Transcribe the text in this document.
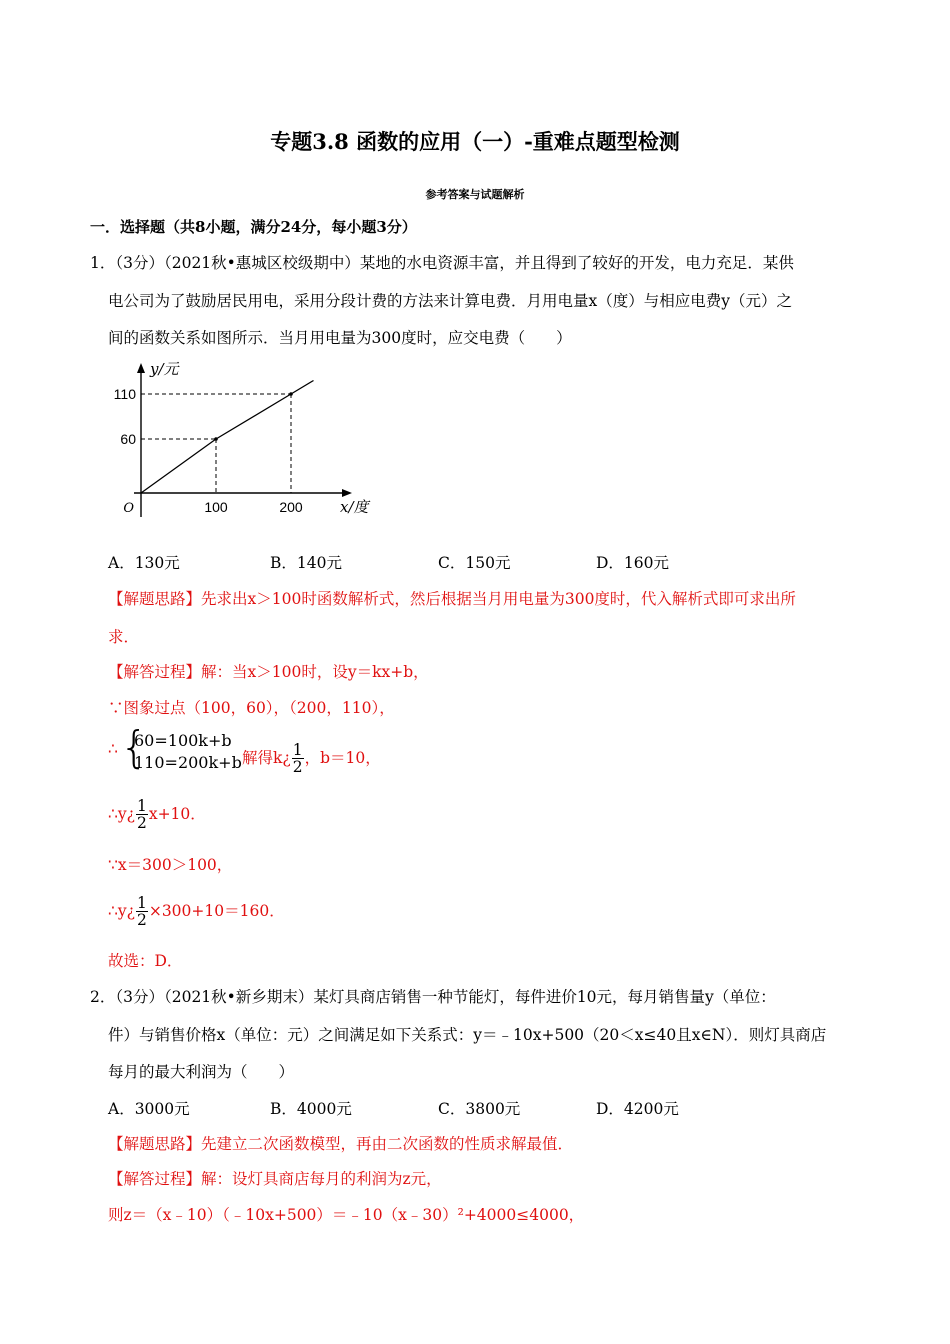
专题3.8 函数的应用（一）-重难点题型检测
参考答案与试题解析
一．选择题（共8小题，满分24分，每小题3分）
1．（3分）（2021秋•惠城区校级期中）某地的水电资源丰富，并且得到了较好的开发，电力充足．某供
电公司为了鼓励居民用电，采用分段计费的方法来计算电费．月用电量x（度）与相应电费y（元）之
间的函数关系如图所示．当月用电量为300度时，应交电费（　　）
60
110
100	200
O
y/元
x/度
A．130元	B．140元	C．150元	D．160元
【解题思路】先求出x＞100时函数解析式，然后根据当月用电量为300度时，代入解析式即可求出所
求．
【解答过程】解：当x＞100时，设y＝kx+b，
∵图象过点（100，60），（200，110），
∴ {
60=100k+b
110=200k+b 解得k¿ $\frac{1}{2}$ ，b＝10，
∴y¿ $\frac{1}{2} x+10$．
∵x＝300＞100，
∴y¿ $\frac{1}{2} \times 300+10=160$．
故选：D．
2．（3分）（2021秋•新乡期末）某灯具商店销售一种节能灯，每件进价10元，每月销售量y（单位：
件）与销售价格x（单位：元）之间满足如下关系式：y＝﹣10x+500（20＜x≤40且x∈N）．则灯具商店
每月的最大利润为（　　）
A．3000元	B．4000元	C．3800元	D．4200元
【解题思路】先建立二次函数模型，再由二次函数的性质求解最值．
【解答过程】解：设灯具商店每月的利润为z元，
则z＝（x﹣10）（﹣10x+500）＝﹣10（x﹣30）²+4000≤4000，
